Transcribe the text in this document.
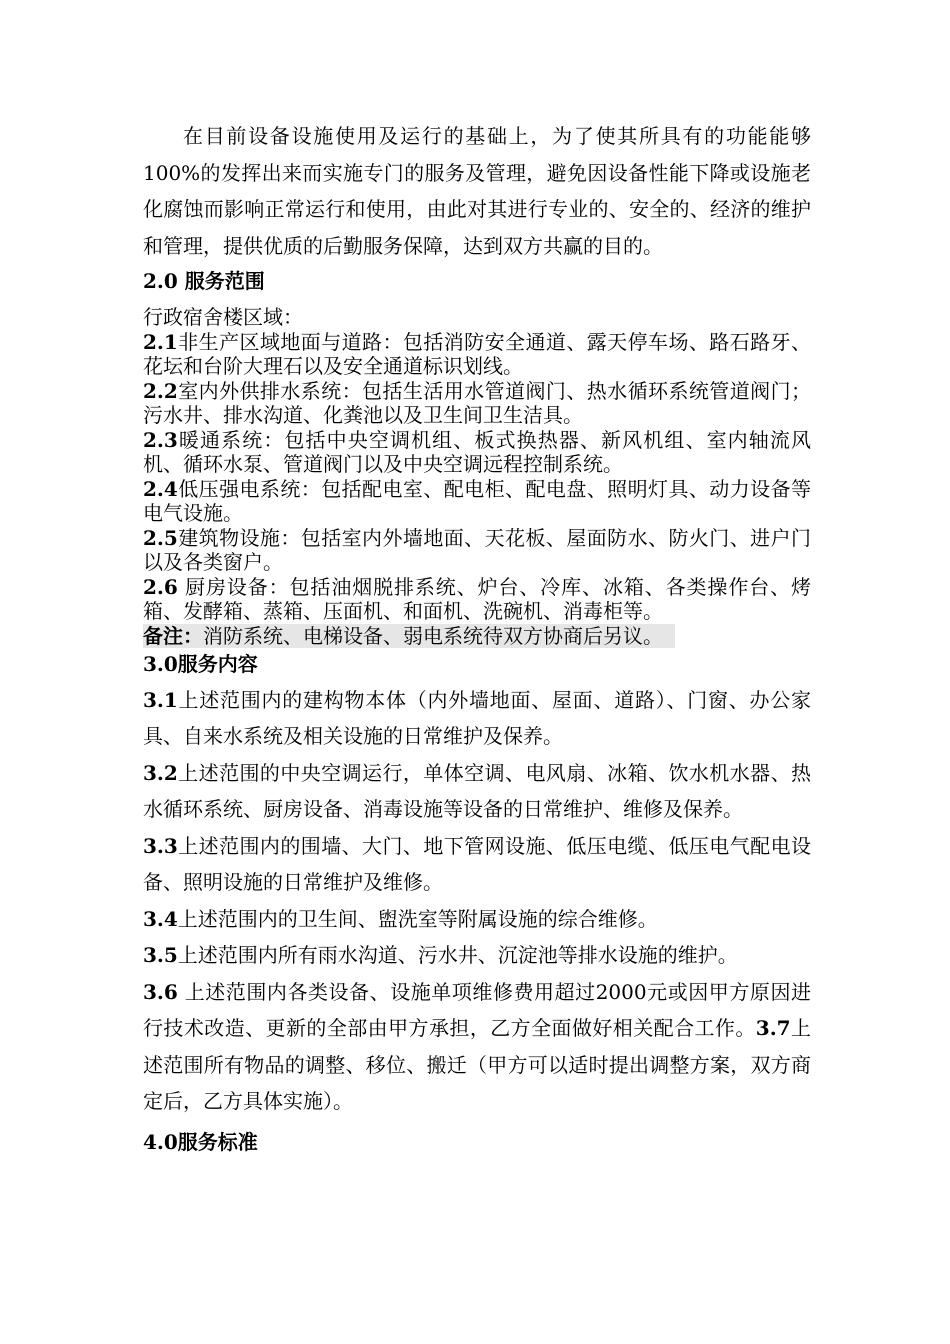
在目前设备设施使用及运行的基础上，为了使其所具有的功能能够100%的发挥出来而实施专门的服务及管理，避免因设备性能下降或设施老化腐蚀而影响正常运行和使用，由此对其进行专业的、安全的、经济的维护和管理，提供优质的后勤服务保障，达到双方共赢的目的。

2.0 服务范围

行政宿舍楼区域：

2.1非生产区域地面与道路：包括消防安全通道、露天停车场、路石路牙、花坛和台阶大理石以及安全通道标识划线。

2.2室内外供排水系统：包括生活用水管道阀门、热水循环系统管道阀门；污水井、排水沟道、化粪池以及卫生间卫生洁具。

2.3暖通系统：包括中央空调机组、板式换热器、新风机组、室内轴流风机、循环水泵、管道阀门以及中央空调远程控制系统。

2.4低压强电系统：包括配电室、配电柜、配电盘、照明灯具、动力设备等电气设施。

2.5建筑物设施：包括室内外墙地面、天花板、屋面防水、防火门、进户门以及各类窗户。

2.6 厨房设备：包括油烟脱排系统、炉台、冷库、冰箱、各类操作台、烤箱、发酵箱、蒸箱、压面机、和面机、洗碗机、消毒柜等。

备注：消防系统、电梯设备、弱电系统待双方协商后另议。

3.0服务内容

3.1上述范围内的建构物本体（内外墙地面、屋面、道路）、门窗、办公家具、自来水系统及相关设施的日常维护及保养。

3.2上述范围的中央空调运行，单体空调、电风扇、冰箱、饮水机水器、热水循环系统、厨房设备、消毒设施等设备的日常维护、维修及保养。

3.3上述范围内的围墙、大门、地下管网设施、低压电缆、低压电气配电设备、照明设施的日常维护及维修。

3.4上述范围内的卫生间、盥洗室等附属设施的综合维修。

3.5上述范围内所有雨水沟道、污水井、沉淀池等排水设施的维护。

3.6 上述范围内各类设备、设施单项维修费用超过2000元或因甲方原因进行技术改造、更新的全部由甲方承担，乙方全面做好相关配合工作。3.7上述范围所有物品的调整、移位、搬迁（甲方可以适时提出调整方案，双方商定后，乙方具体实施）。

4.0服务标准
